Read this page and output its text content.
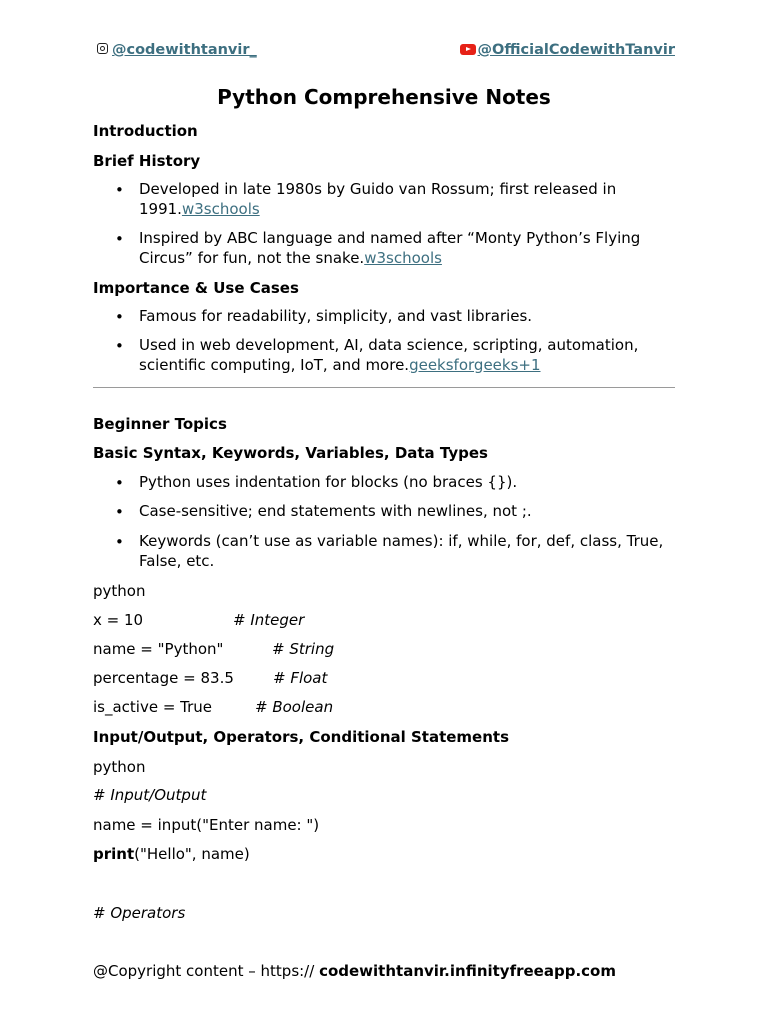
@codewithtanvir_	@OfficialCodewithTanvir
Python Comprehensive Notes
Introduction
Brief History
• Developed in late 1980s by Guido van Rossum; first released in 1991.w3schools
• Inspired by ABC language and named after “Monty Python’s Flying Circus” for fun, not the snake.w3schools
Importance & Use Cases
• Famous for readability, simplicity, and vast libraries.
• Used in web development, AI, data science, scripting, automation, scientific computing, IoT, and more.geeksforgeeks+1
Beginner Topics
Basic Syntax, Keywords, Variables, Data Types
• Python uses indentation for blocks (no braces {}).
• Case-sensitive; end statements with newlines, not ;.
• Keywords (can’t use as variable names): if, while, for, def, class, True, False, etc.
python
x = 10	# Integer
name = "Python"	# String
percentage = 83.5	# Float
is_active = True	# Boolean
Input/Output, Operators, Conditional Statements
python
# Input/Output
name = input("Enter name: ")
print("Hello", name)
# Operators
@Copyright content – https:// codewithtanvir.infinityfreeapp.com
